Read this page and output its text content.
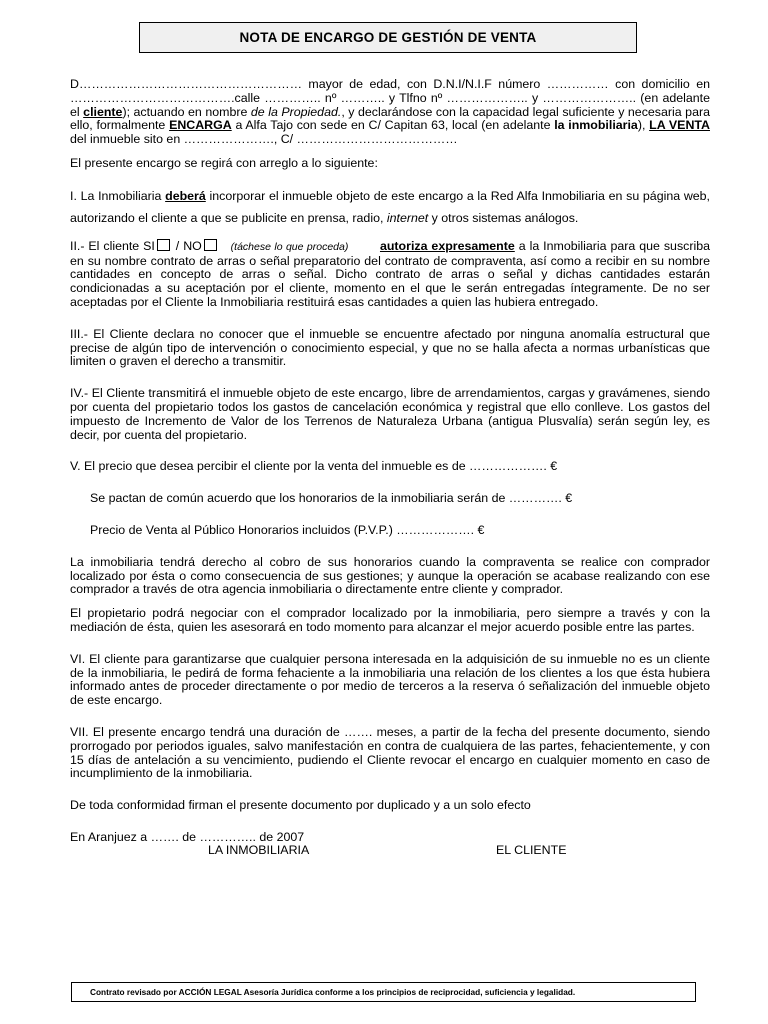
NOTA DE ENCARGO DE GESTIÓN DE VENTA

D……………………………………………… mayor de edad, con D.N.I/N.I.F número …………… con domicilio en ………………………………….calle ………….. nº ……….. y Tlfno nº ……………….. y ………………….. (en adelante el cliente); actuando en nombre de la Propiedad., y declarándose con la capacidad legal suficiente y necesaria para ello, formalmente ENCARGA a Alfa Tajo con sede en C/ Capitan 63, local (en adelante la inmobiliaria), LA VENTA del inmueble sito en …………………., C/ …………………………………

El presente encargo se regirá con arreglo a lo siguiente:

I. La Inmobiliaria deberá incorporar el inmueble objeto de este encargo a la Red Alfa Inmobiliaria en su página web, autorizando el cliente a que se publicite en prensa, radio, internet y otros sistemas análogos.

II.- El cliente SI / NO	(táchese lo que proceda)	autoriza expresamente a la Inmobiliaria para que suscriba en su nombre contrato de arras o señal preparatorio del contrato de compraventa, así como a recibir en su nombre cantidades en concepto de arras o señal. Dicho contrato de arras o señal y dichas cantidades estarán condicionadas a su aceptación por el cliente, momento en el que le serán entregadas íntegramente. De no ser aceptadas por el Cliente la Inmobiliaria restituirá esas cantidades a quien las hubiera entregado.

III.- El Cliente declara no conocer que el inmueble se encuentre afectado por ninguna anomalía estructural que precise de algún tipo de intervención o conocimiento especial, y que no se halla afecta a normas urbanísticas que limiten o graven el derecho a transmitir.

IV.- El Cliente transmitirá el inmueble objeto de este encargo, libre de arrendamientos, cargas y gravámenes, siendo por cuenta del propietario todos los gastos de cancelación económica y registral que ello conlleve. Los gastos del impuesto de Incremento de Valor de los Terrenos de Naturaleza Urbana (antigua Plusvalía) serán según ley, es decir, por cuenta del propietario.

V. El precio que desea percibir el cliente por la venta del inmueble es de ………………. €

Se pactan de común acuerdo que los honorarios de la inmobiliaria serán de …………. €

Precio de Venta al Público Honorarios incluidos (P.V.P.) ………………. €

La inmobiliaria tendrá derecho al cobro de sus honorarios cuando la compraventa se realice con comprador localizado por ésta o como consecuencia de sus gestiones; y aunque la operación se acabase realizando con ese comprador a través de otra agencia inmobiliaria o directamente entre cliente y comprador.

El propietario podrá negociar con el comprador localizado por la inmobiliaria, pero siempre a través y con la mediación de ésta, quien les asesorará en todo momento para alcanzar el mejor acuerdo posible entre las partes.

VI. El cliente para garantizarse que cualquier persona interesada en la adquisición de su inmueble no es un cliente de la inmobiliaria, le pedirá de forma fehaciente a la inmobiliaria una relación de los clientes a los que ésta hubiera informado antes de proceder directamente o por medio de terceros a la reserva ó señalización del inmueble objeto de este encargo.

VII. El presente encargo tendrá una duración de ……. meses, a partir de la fecha del presente documento, siendo prorrogado por periodos iguales, salvo manifestación en contra de cualquiera de las partes, fehacientemente, y con 15 días de antelación a su vencimiento, pudiendo el Cliente revocar el encargo en cualquier momento en caso de incumplimiento de la inmobiliaria.

De toda conformidad firman el presente documento por duplicado y a un solo efecto

En Aranjuez a ……. de ………….. de 2007

LA INMOBILIARIA	EL CLIENTE
Contrato revisado por ACCIÓN LEGAL Asesoría Jurídica conforme a los principios de reciprocidad, suficiencia y legalidad.
